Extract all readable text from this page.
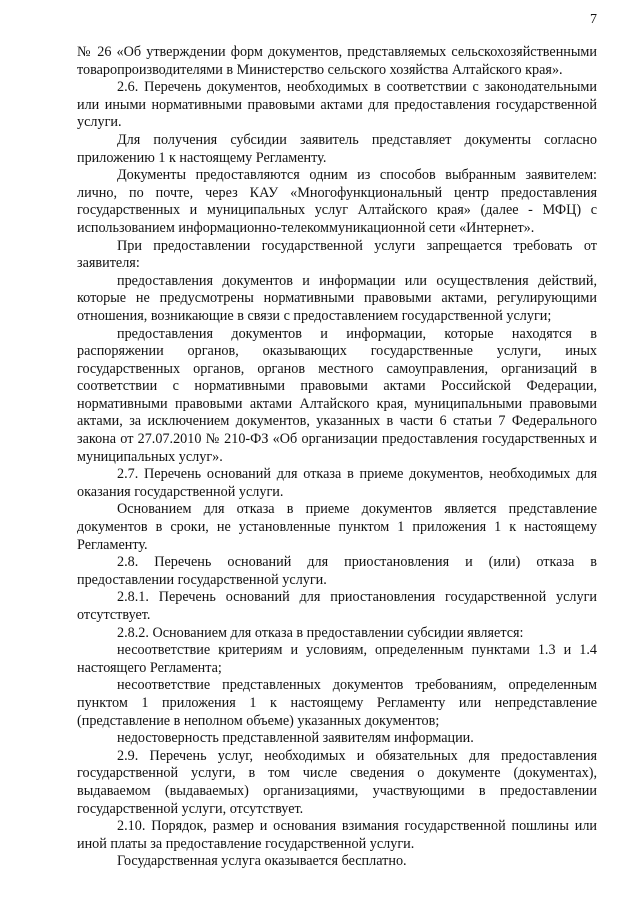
7

№ 26 «Об утверждении форм документов, представляемых сельскохозяйственными товаропроизводителями в Министерство сельского хозяйства Алтайского края».

2.6. Перечень документов, необходимых в соответствии с законодательными или иными нормативными правовыми актами для предоставления государственной услуги.

Для получения субсидии заявитель представляет документы согласно приложению 1 к настоящему Регламенту.

Документы предоставляются одним из способов выбранным заявителем: лично, по почте, через КАУ «Многофункциональный центр предоставления государственных и муниципальных услуг Алтайского края» (далее - МФЦ) с использованием информационно-телекоммуникационной сети «Интернет».

При предоставлении государственной услуги запрещается требовать от заявителя:

предоставления документов и информации или осуществления действий, которые не предусмотрены нормативными правовыми актами, регулирующими отношения, возникающие в связи с предоставлением государственной услуги;

предоставления документов и информации, которые находятся в распоряжении органов, оказывающих государственные услуги, иных государственных органов, органов местного самоуправления, организаций в соответствии с нормативными правовыми актами Российской Федерации, нормативными правовыми актами Алтайского края, муниципальными правовыми актами, за исключением документов, указанных в части 6 статьи 7 Федерального закона от 27.07.2010 № 210-ФЗ «Об организации предоставления государственных и муниципальных услуг».

2.7. Перечень оснований для отказа в приеме документов, необходимых для оказания государственной услуги.

Основанием для отказа в приеме документов является представление документов в сроки, не установленные пунктом 1 приложения 1 к настоящему Регламенту.

2.8. Перечень оснований для приостановления и (или) отказа в предоставлении государственной услуги.

2.8.1. Перечень оснований для приостановления государственной услуги отсутствует.

2.8.2. Основанием для отказа в предоставлении субсидии является:

несоответствие критериям и условиям, определенным пунктами 1.3 и 1.4 настоящего Регламента;

несоответствие представленных документов требованиям, определенным пунктом 1 приложения 1 к настоящему Регламенту или непредставление (представление в неполном объеме) указанных документов;

недостоверность представленной заявителям информации.

2.9. Перечень услуг, необходимых и обязательных для предоставления государственной услуги, в том числе сведения о документе (документах), выдаваемом (выдаваемых) организациями, участвующими в предоставлении государственной услуги, отсутствует.

2.10. Порядок, размер и основания взимания государственной пошлины или иной платы за предоставление государственной услуги.

Государственная услуга оказывается бесплатно.
